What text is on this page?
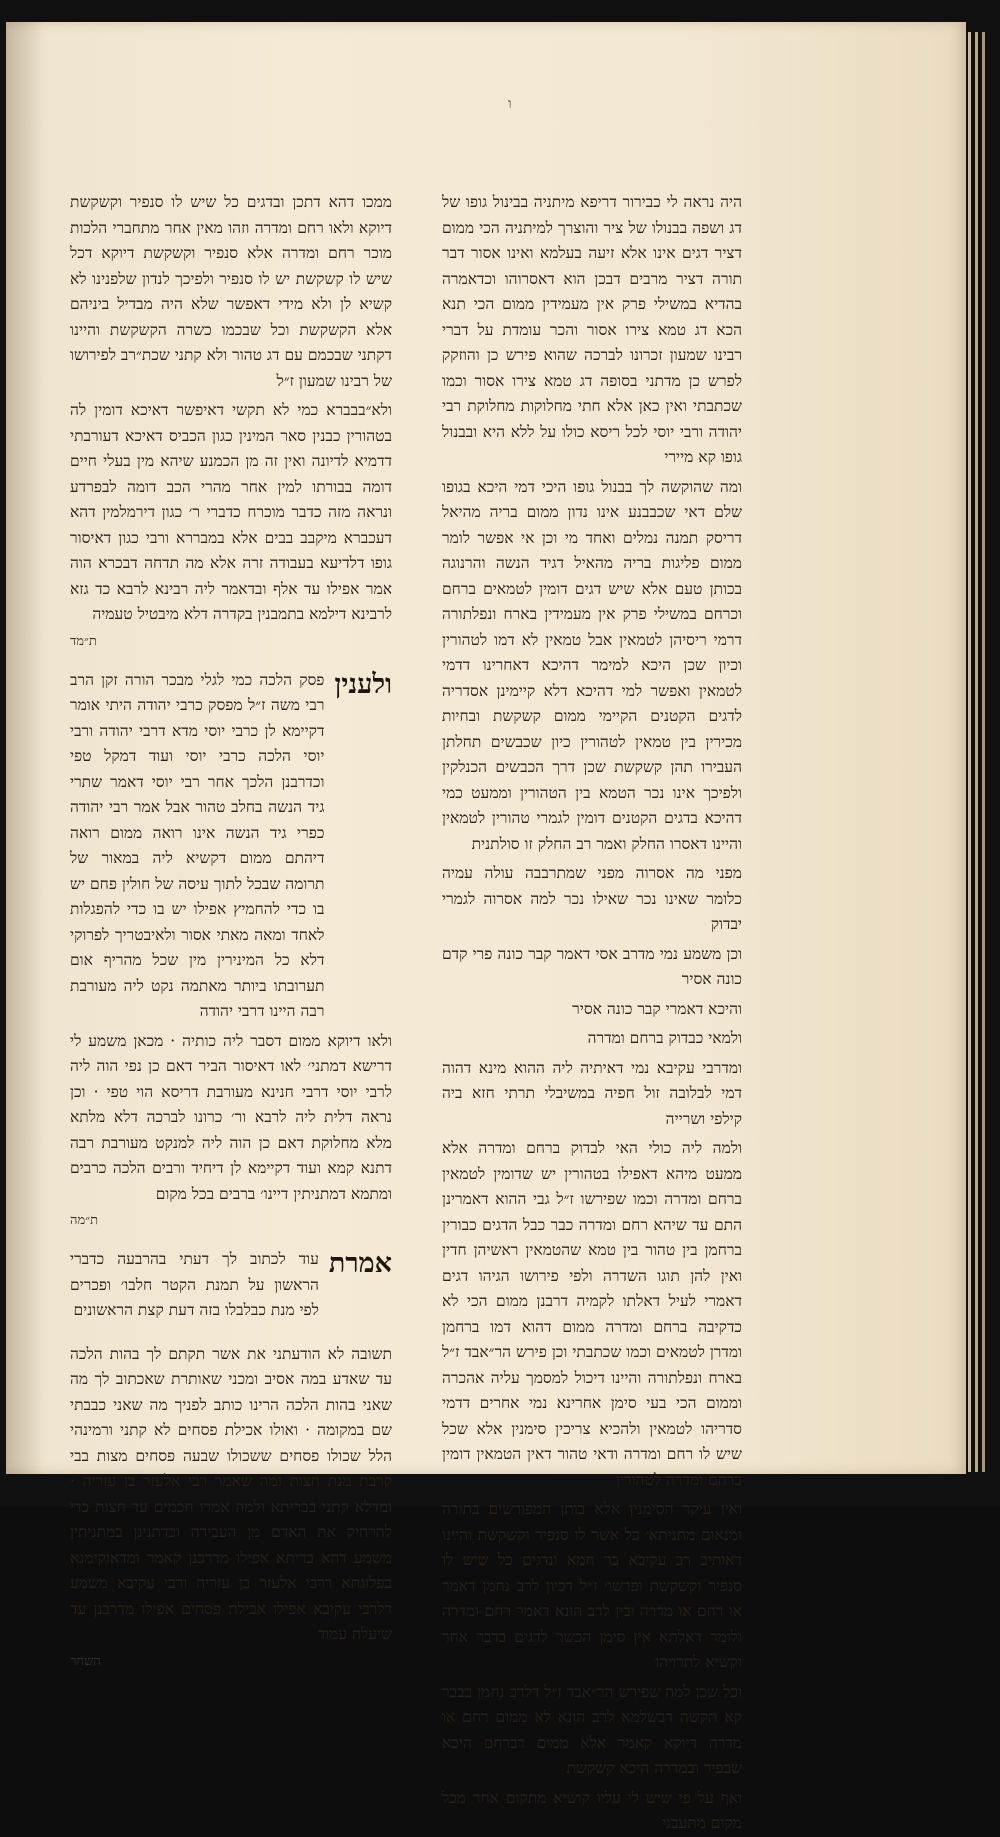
ו

היה נראה לי כבירור דריפא מיתניה בבינול גופו של דג ושפה בבנולו של ציר והוצרך למיתניה הכי ממום דציר דגים אינו אלא זיעה בעלמא ואינו אסור דבר תורה דציר מרבים דבכן הוא דאסרוהו וכדאמרה בהדיא במשילי פרק אין מעמידין ממום הכי תנא הכא דג טמא צירו אסור והכר עומדת על דברי רבינו שמעון זכרונו לברכה שהוא פירש כן והוזקק לפרש כן מדתני בסופה דג טמא צירו אסור וכמו שכתבתי ואין כאן אלא חתי מחלוקות מחלוקת רבי יהודה ורבי יוסי לכל ריסא כולו על ללא היא ובבנול גופו קא מיירי

ומה שהוקשה לך בבנול גופו היכי דמי היכא בגופו שלם דאי שכבבנע אינו נדון ממום בריה מהיאל דריסק תמנה נמלים ואחד מי וכן אי אפשר לומר ממום פליגות בריה מהאיל דגיד הנשה והרנוגה בכותן טעם אלא שיש דגים דומין לטמאים ברחם וכרחם במשילי פרק אין מעמידין בארח ונפלתורה דרמי ריסיהן לטמאין אבל טמאין לא דמו לטהורין וכיון שכן היכא למימר דהיכא דאחרינו דדמי לטמאין ואפשר למי דהיכא דלא קיימינן אסדריה לדגים הקטנים הקיימי ממום קשקשת ובחיות מכירין בין טמאין לטהורין כיון שכבשים תחלתן העבירו תהן קשקשת שכן דרך הכבשים הכנלקין ולפיכך אינו נכר הטמא בין הטהורין וממעט כמי דהיכא בדגים הקטנים דומין לגמרי טהורין לטמאין והיינו דאסרו החלק ואמר רב החלק זו סולתנית

מפני מה אסרוה מפני שמתרבבה עולה עמיה כלומר שאינו נכר שאילו נכר למה אסרוה לגמרי יבדוק

וכן משמע נמי מדרב אסי דאמר קבר כונה פרי קדם כונה אסיר

והיכא דאמרי קבר כונה אסיר

ולמאי כבדוק ברחם ומדרה

ומדרבי עקיבא נמי דאיתיה ליה ההוא מינא דהוה דמי לבלובה זול חפיה במשיבלי תרתי חזא ביה קילפי ושרייה

ולמה ליה כולי האי לבדוק ברחם ומדרה אלא ממעט מיהא דאפילו בטהורין יש שדומין לטמאין ברחם ומדרה וכמו שפירשו ז״ל גבי ההוא דאמרינן התם עד שיהא רחם ומדרה כבר כבל הדגים כבורין ברחמן בין טהור בין טמא שהטמאין ראשיהן חדין ואין להן תוגו השדרה ולפי פירושו הגיהו דגים דאמרי לעיל דאלתו לקמיה דרבנן ממום הכי לא כדקיבה ברחם ומדרה ממום דהוא דמו ברחמן ומדרן לטמאים וכמו שכתבתי וכן פירש הר״אבד ז״ל בארח ונפלתורה והיינו דיכול למסמך עליה אהכרה וממום הכי בעי סימן אחרינא נמי אחרים דדמי סדריהו לטמאין ולהכיא צריכין סימנין אלא שכל שיש לו רחם ומדרה ודאי טהור דאין הטמאין דומין ברחם ומדרה לטהורין

ואין עיקר הסימנין אלא בותן המפורשים בתורה ומנאום מתניתא׳ כל אשר לו סנפיר וקשקשת והיינו דאותיב רב עקיבא בר חמא ונדגים כל שיש לו סנפיר וקשקשת ופרשו׳ ז״ל דכיון לרב נחמן דאמר או רחם או מדרה ובין לרב הונא דאמר רחם ומדרה ולומר דאלתא אין סימן הכשר לדגים בדבר אחר וקשיא לתרויהו

וכל שכן למה שפירש הר״אבד ז״ל דלרב נחמן בבבר קא תקשה דבשלמא לרב הונא לא ממום רחם או מדרה דיוקא קאמר אלא ממום דברחם היכא שבפיר ובמדרה היכא קשקשת

ואף על פי שיש לי עליו קושיא מתקום אחר מכל מקום מתעבני

ממכו דהא דתכן ובדגים כל שיש לו סנפיר וקשקשת דיוקא ולאו רחם ומדרה וזהו מאין אחר מתחברי הלכות מוכר רחם ומדרה אלא סנפיר וקשקשת דיוקא דכל שיש לו קשקשת יש לו סנפיר ולפיכך לנדון שלפנינו לא קשיא לן ולא מידי דאפשר שלא היה מבדיל ביניהם אלא הקשקשת וכל שבכמו כשרה הקשקשת והיינו דקתני שבכמם עם דג טהור ולא קתני שכת״רב לפירושו של רבינו שמעון ז״ל

ולא״בבברא כמי לא תקשי דאיפשר דאיכא דומין לה בטהורין כבנין סאר המינין כגון הכביס דאיכא דעורבתי דדמיא לדיונה ואין זה מן הכמנע שיהא מין בעלי חיים דומה בבורתו למין אחר מהרי הכב דומה לבפרדע ונראה מזה כדבר מוכרח כדברי ר׳ כגון דירמלמין דהא דעכברא מיקבב בבים אלא במבררא ורבי כגון דאיסור גופו דלדיעא בעבודה זרה אלא מה תדחה דבכרא הוה אמר אפילו עד אלף ובדאמר ליה רבינא לרבא כד גזא לרבינא דילמא בתמבנין בקדרה דלא מיבטיל טעמיה

ת״מד
ולענין

פסק הלכה כמי לגלי מבכר הורה זקן הרב רבי משה ז״ל מפסק כרבי יהודה היתי אומר דקיימא לן כרבי יוסי מדא דרבי יהודה ורבי יוסי הלכה כרבי יוסי ועוד דמקל טפי וכדרבנן הלכך אחר רבי יוסי דאמר שתרי גיד הנשה בחלב טהור אבל אמר רבי יהודה כפרי גיד הנשה אינו רואה ממום רואה דיהתם ממום דקשיא ליה במאור של תרומה שבכל לתוך עיסה של חולין פחם יש בו כדי להחמיץ אפילו יש בו כדי להפגלות לאחד ומאה מאתי אסור ולאיבטריך לפרוקי דלא כל המינירין מין שכל מהריף אום תערובתו ביותר מאתמה נקט ליה מעורבת רבה היינו דרבי יהודה

ולאו דיוקא ממום דסבר ליה כותיה · מכאן משמע לי דרישא דמתני׳ לאו דאיסור הביר דאם כן נפי הוה ליה לרבי יוסי דרבי חנינא מעורבת דריסא הוי טפי · וכן נראה דלית ליה לרבא ור׳ כרונו לברכה דלא מלתא מלא מחלוקת דאם כן הוה ליה למנקט מעורבת רבה דתנא קמא ועוד דקיימא לן דיחיד ורבים הלכה כרבים ומתמא דמתניתין דיינו׳ ברבים בכל מקום

ת״מה
אמרת

עוד לכתוב לך דעתי בהרבעה כדברי הראשון על תמנת הקטר חלבו׳ ופכרים לפי מנת כבלבלו בזה דעת קצת הראשונים

תשובה לא הודעתני את אשר תקתם לך בהות הלכה עד שאדע במה אסיב ומכני שאותרת שאכתוב לך מה שאני בהות הלכה הרינו כותב לפניך מה שאני כבבתי שם במקומה · ואולו אכילת פסחים לא קתני ורמינהי הלל שכולו פסחים ששכולו שבעה פסחים מצות בבי קרבת מנת חצות ומה שאמר רבי אלעזר בן עזריה · ומדלא קתני בבריתא ולמה אמרו חכמים עד חצות כדי להרחיק את האדם מן העבירה וכדתנינן במתניתין משמע דהא בריתא אפילו מדרבנן קאמר ומדאוקימנא בפלוגתא דרבי אלעזר בן עזריה ורבי עקיבא משמע דלרבי עקיבא אפילו אכילת פסחים אפילו מדרבנן עד שיעלה עמוד

השחר
